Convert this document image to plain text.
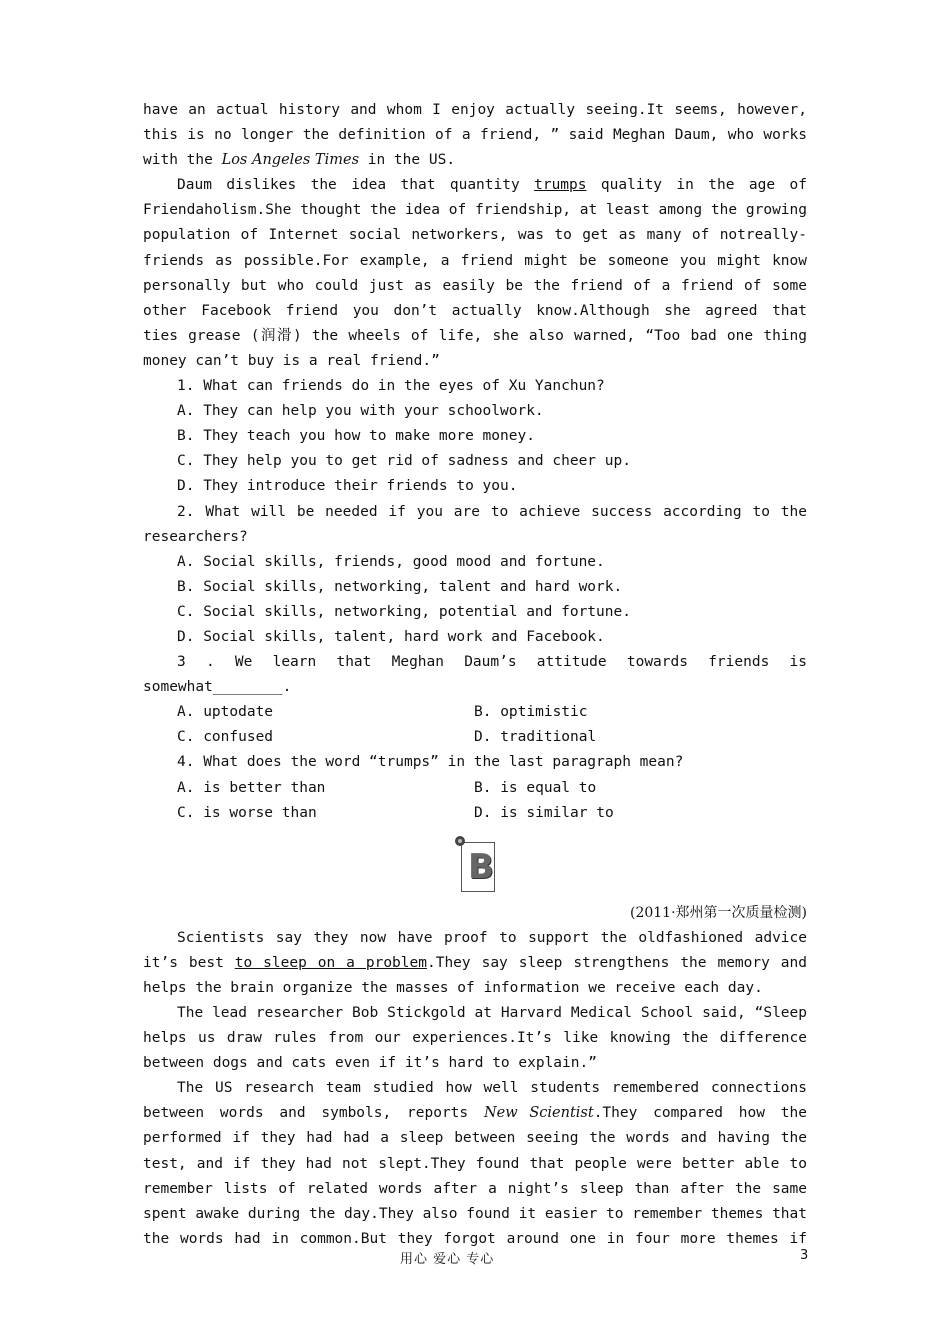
have an actual history and whom I enjoy actually seeing.It seems, however,
this is no longer the definition of a friend, ” said Meghan Daum, who works
with the Los Angeles Times in the US.
Daum dislikes the idea that quantity trumps quality in the age of
Friendaholism.She thought the idea of friendship, at least among the growing
population of Internet social networkers, was to get as many of notreally-
friends as possible.For example, a friend might be someone you might know
personally but who could just as easily be the friend of a friend of some
other Facebook friend you don’t actually know.Although she agreed that
ties grease (润滑) the wheels of life, she also warned, “Too bad one thing
money can’t buy is a real friend.”
1. What can friends do in the eyes of Xu Yanchun?
A. They can help you with your schoolwork.
B. They teach you how to make more money.
C. They help you to get rid of sadness and cheer up.
D. They introduce their friends to you.
2. What will be needed if you are to achieve success according to the
researchers?
A. Social skills, friends, good mood and fortune.
B. Social skills, networking, talent and hard work.
C. Social skills, networking, potential and fortune.
D. Social skills, talent, hard work and Facebook.
3 . We learn that Meghan Daum’s attitude towards friends is
somewhat________.
A. uptodate	B. optimistic
C. confused	D. traditional
4. What does the word “trumps” in the last paragraph mean?
A. is better than	B. is equal to
C. is worse than	D. is similar to
B
(2011·郑州第一次质量检测)
Scientists say they now have proof to support the oldfashioned advice
it’s best to sleep on a problem.They say sleep strengthens the memory and
helps the brain organize the masses of information we receive each day.
The lead researcher Bob Stickgold at Harvard Medical School said, “Sleep
helps us draw rules from our experiences.It’s like knowing the difference
between dogs and cats even if it’s hard to explain.”
The US research team studied how well students remembered connections
between words and symbols, reports New Scientist.They compared how the
performed if they had had a sleep between seeing the words and having the
test, and if they had not slept.They found that people were better able to
remember lists of related words after a night’s sleep than after the same
spent awake during the day.They also found it easier to remember themes that
the words had in common.But they forgot around one in four more themes if
用心 爱心 专心	3
